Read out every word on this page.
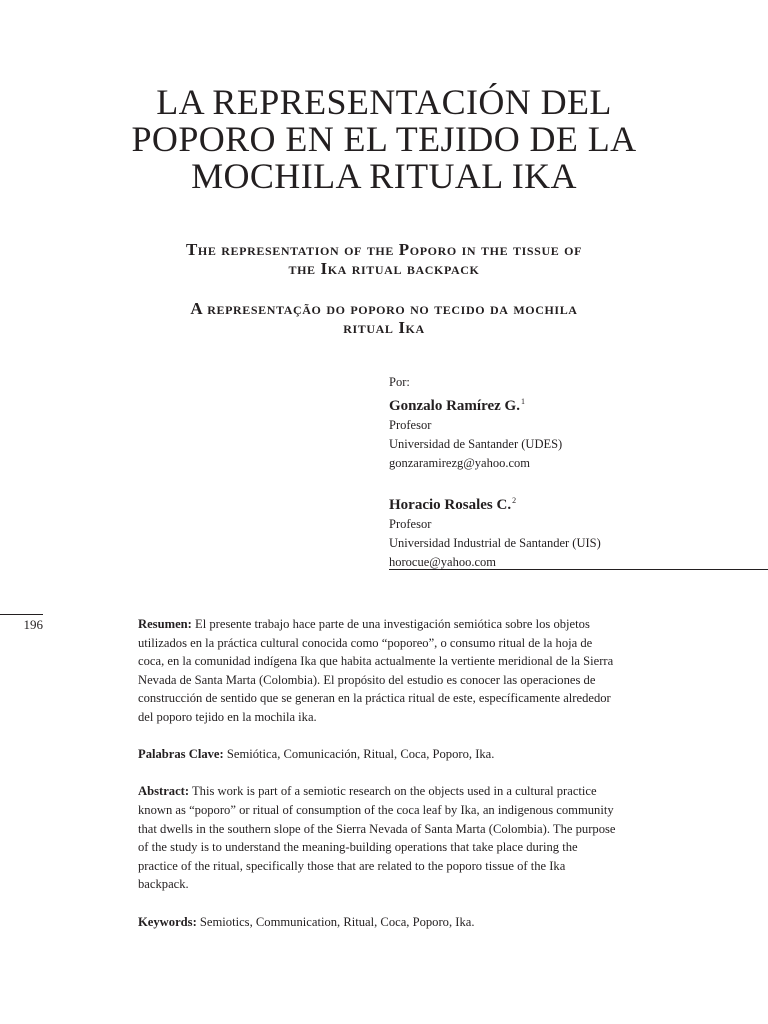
LA REPRESENTACIÓN DEL
POPORO EN EL TEJIDO DE LA
MOCHILA RITUAL IKA
The representation of the Poporo in the tissue of
the Ika ritual backpack
A representação do poporo no tecido da mochila
ritual Ika
Por:
Gonzalo Ramírez G.$^1$
Profesor
Universidad de Santander (UDES)
gonzaramirezg@yahoo.com
Horacio Rosales C.$^2$
Profesor
Universidad Industrial de Santander (UIS)
horocue@yahoo.com
196	Resumen: El presente trabajo hace parte de una investigación semiótica sobre los objetos utilizados en la práctica cultural conocida como “poporeo”, o consumo ritual de la hoja de coca, en la comunidad indígena Ika que habita actualmente la vertiente meridional de la Sierra Nevada de Santa Marta (Colombia). El propósito del estudio es conocer las operaciones de construcción de sentido que se generan en la práctica ritual de este, específicamente alrededor del poporo tejido en la mochila ika.

Palabras Clave: Semiótica, Comunicación, Ritual, Coca, Poporo, Ika.

Abstract: This work is part of a semiotic research on the objects used in a cultural practice known as “poporo” or ritual of consumption of the coca leaf by Ika, an indigenous community that dwells in the southern slope of the Sierra Nevada of Santa Marta (Colombia). The purpose of the study is to understand the meaning-building operations that take place during the practice of the ritual, specifically those that are related to the poporo tissue of the Ika backpack.

Keywords: Semiotics, Communication, Ritual, Coca, Poporo, Ika.
